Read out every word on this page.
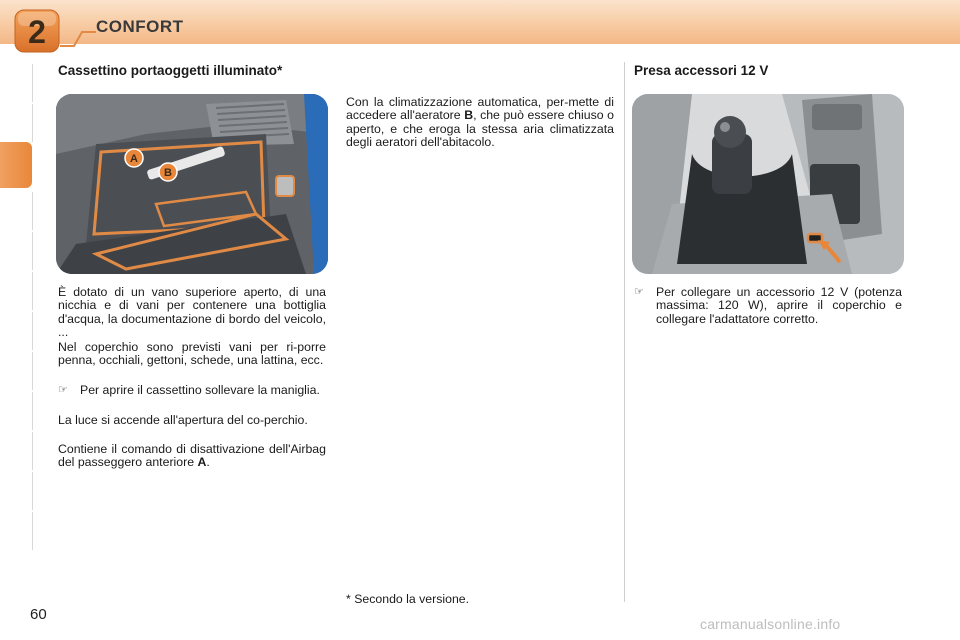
2	CONFORT
Cassettino portaoggetti illuminato*
A
B

È dotato di un vano superiore aperto, di una nicchia e di vani per contenere una bottiglia d'acqua, la documentazione di bordo del veicolo, ...

Nel coperchio sono previsti vani per ri-porre penna, occhiali, gettoni, schede, una lattina, ecc.

☞ Per aprire il cassettino sollevare la maniglia.

La luce si accende all'apertura del co-perchio.

Contiene il comando di disattivazione dell'Airbag del passeggero anteriore A.

Con la climatizzazione automatica, per-mette di accedere all'aeratore B, che può essere chiuso o aperto, e che eroga la stessa aria climatizzata degli aeratori dell'abitacolo.

* Secondo la versione.
Presa accessori 12 V
☞ Per collegare un accessorio 12 V (potenza massima: 120 W), aprire il coperchio e collegare l'adattatore corretto.
60
carmanualsonline.info
